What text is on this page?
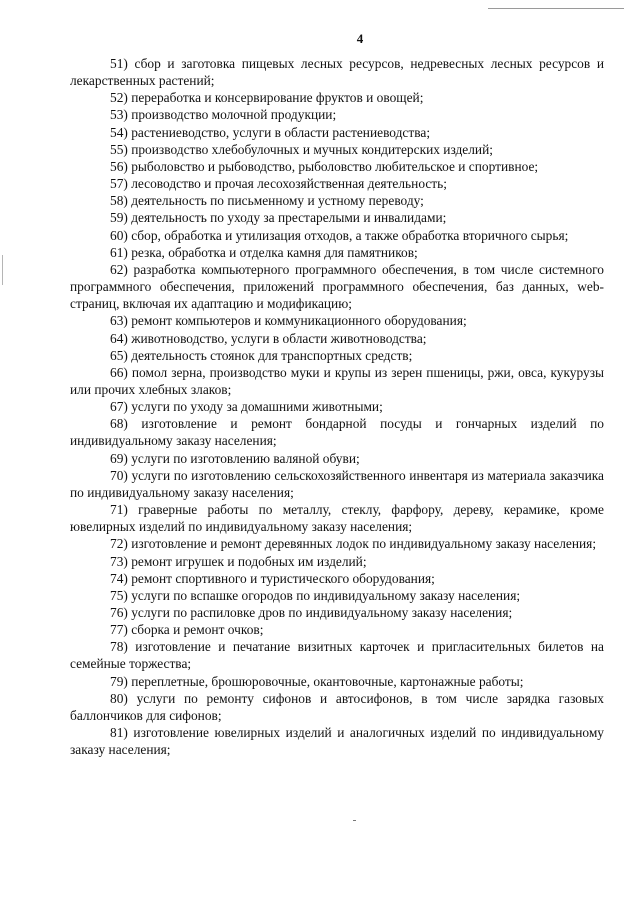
4

51) сбор и заготовка пищевых лесных ресурсов, недревесных лесных ресурсов и лекарственных растений;

52) переработка и консервирование фруктов и овощей;

53) производство молочной продукции;

54) растениеводство, услуги в области растениеводства;

55) производство хлебобулочных и мучных кондитерских изделий;

56) рыболовство и рыбоводство, рыболовство любительское и спортивное;

57) лесоводство и прочая лесохозяйственная деятельность;

58) деятельность по письменному и устному переводу;

59) деятельность по уходу за престарелыми и инвалидами;

60) сбор, обработка и утилизация отходов, а также обработка вторичного сырья;

61) резка, обработка и отделка камня для памятников;

62) разработка компьютерного программного обеспечения, в том числе системного программного обеспечения, приложений программного обеспечения, баз данных, web-страниц, включая их адаптацию и модификацию;

63) ремонт компьютеров и коммуникационного оборудования;

64) животноводство, услуги в области животноводства;

65) деятельность стоянок для транспортных средств;

66) помол зерна, производство муки и крупы из зерен пшеницы, ржи, овса, кукурузы или прочих хлебных злаков;

67) услуги по уходу за домашними животными;

68) изготовление и ремонт бондарной посуды и гончарных изделий по индивидуальному заказу населения;

69) услуги по изготовлению валяной обуви;

70) услуги по изготовлению сельскохозяйственного инвентаря из материала заказчика по индивидуальному заказу населения;

71) граверные работы по металлу, стеклу, фарфору, дереву, керамике, кроме ювелирных изделий по индивидуальному заказу населения;

72) изготовление и ремонт деревянных лодок по индивидуальному заказу населения;

73) ремонт игрушек и подобных им изделий;

74) ремонт спортивного и туристического оборудования;

75) услуги по вспашке огородов по индивидуальному заказу населения;

76) услуги по распиловке дров по индивидуальному заказу населения;

77) сборка и ремонт очков;

78) изготовление и печатание визитных карточек и пригласительных билетов на семейные торжества;

79) переплетные, брошюровочные, окантовочные, картонажные работы;

80) услуги по ремонту сифонов и автосифонов, в том числе зарядка газовых баллончиков для сифонов;

81) изготовление ювелирных изделий и аналогичных изделий по индивидуальному заказу населения;
